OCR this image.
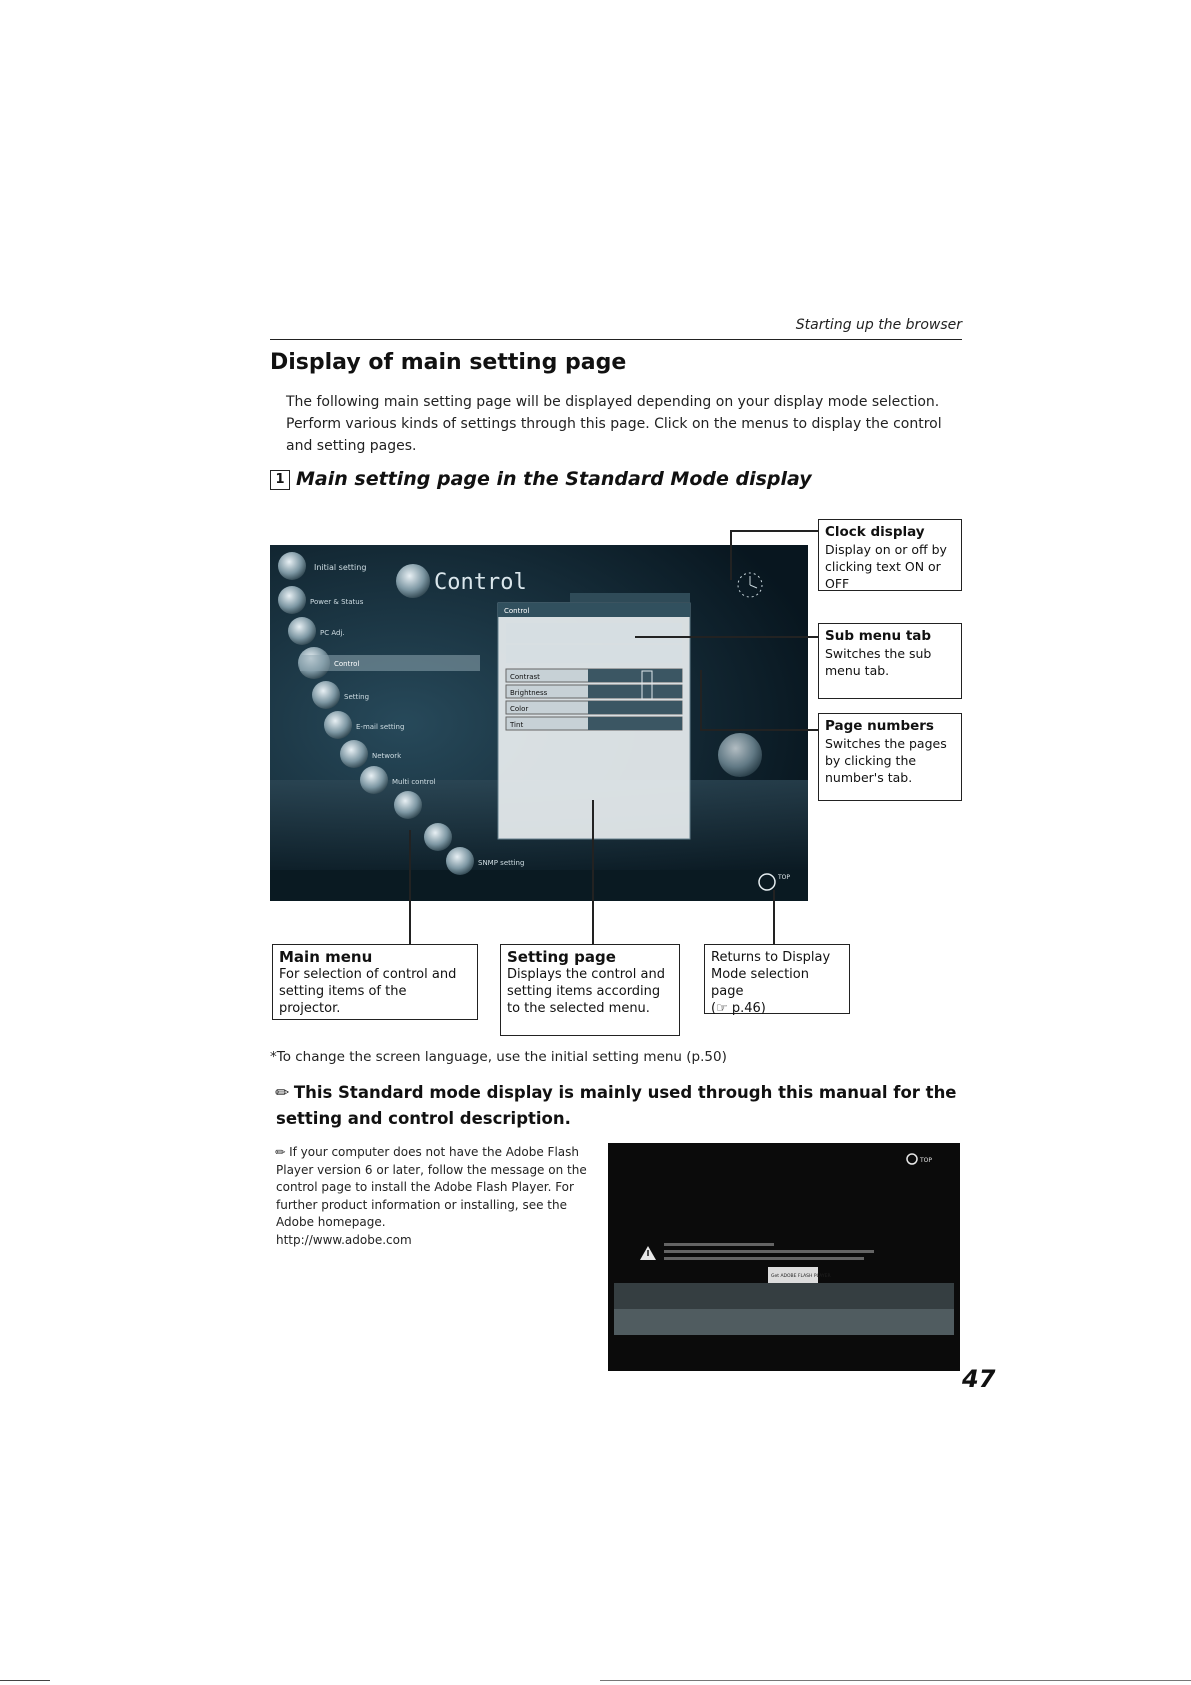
Starting up the browser
Display of main setting page
The following main setting page will be displayed depending on your display mode selection. Perform various kinds of settings through this page. Click on the menus to display the control and setting pages.
1 Main setting page in the Standard Mode display
Initial setting
Power & Status
PC Adj.
Control
Setting
E-mail setting
Network
Multi control
SNMP setting
Control
Control
Contrast
Brightness
Color
Tint
TOP
Clock display
Display on or off by clicking text ON or OFF
Sub menu tab
Switches the sub menu tab.
Page numbers
Switches the pages by clicking the number's tab.
Main menu
For selection of control and setting items of the projector.
Setting page
Displays the control and setting items according to the selected menu.
Returns to Display Mode selection page
(☞ p.46)
*To change the screen language, use the initial setting menu (p.50)
✎This Standard mode display is mainly used through this manual for the setting and control description.
✎If your computer does not have the Adobe Flash Player version 6 or later, follow the message on the control page to install the Adobe Flash Player. For further product information or installing, see the Adobe homepage.
http://www.adobe.com
Get ADOBE FLASH PLAYER
TOP
47
